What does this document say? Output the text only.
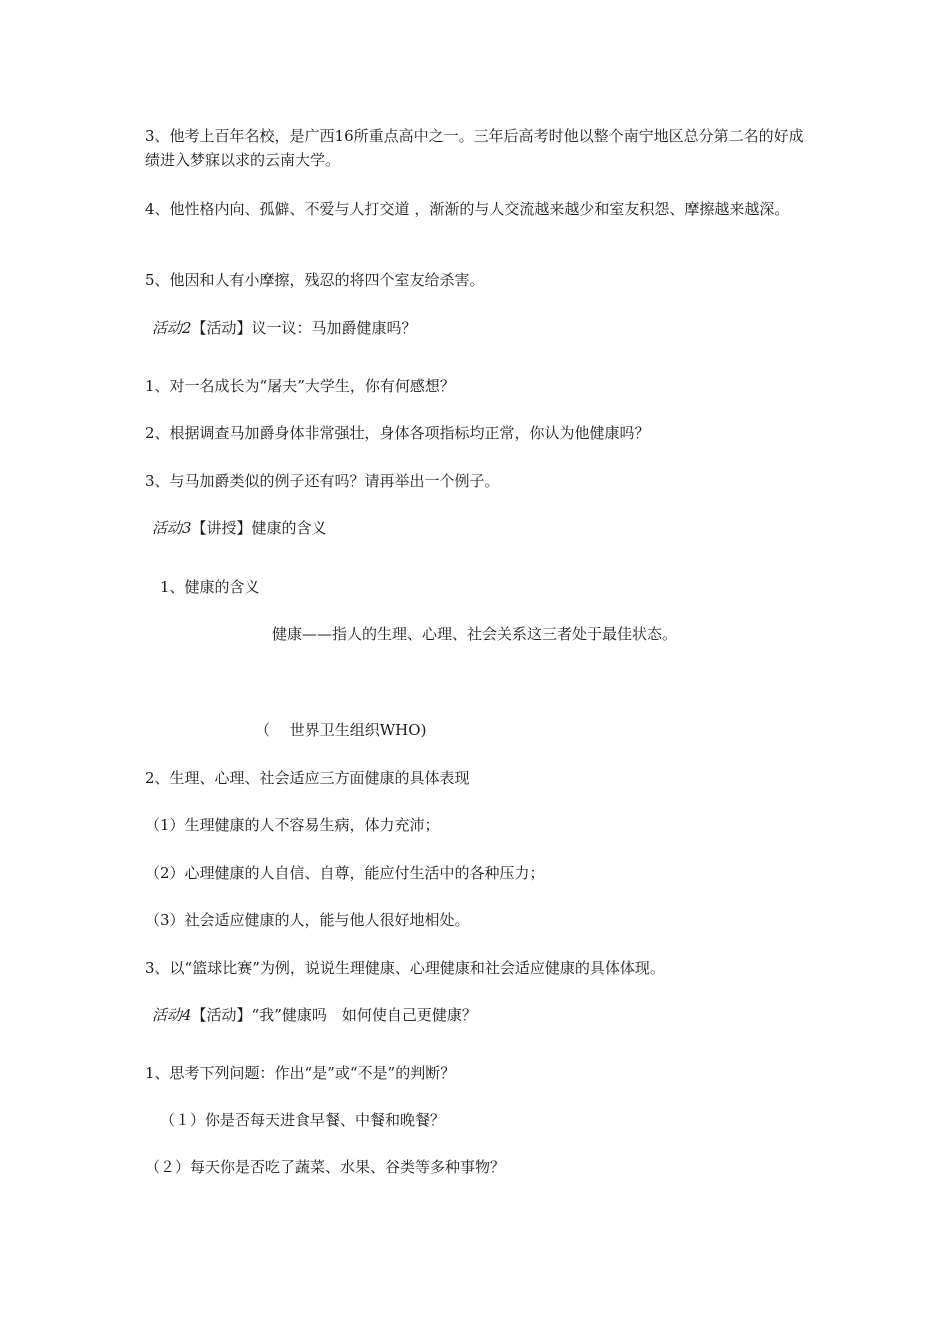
3、他考上百年名校，是广西16所重点高中之一。三年后高考时他以整个南宁地区总分第二名的好成绩进入梦寐以求的云南大学。
4、他性格内向、孤僻、不爱与人打交道 ，渐渐的与人交流越来越少和室友积怨、摩擦越来越深。
5、他因和人有小摩擦，残忍的将四个室友给杀害。
活动2【活动】议一议：马加爵健康吗？
1、对一名成长为“屠夫”大学生，你有何感想？
2、根据调查马加爵身体非常强壮，身体各项指标均正常，你认为他健康吗？
3、与马加爵类似的例子还有吗？请再举出一个例子。
活动3【讲授】健康的含义
1、健康的含义
健康——指人的生理、心理、社会关系这三者处于最佳状态。
（　 世界卫生组织WHO)
2、生理、心理、社会适应三方面健康的具体表现
（1）生理健康的人不容易生病，体力充沛；
（2）心理健康的人自信、自尊，能应付生活中的各种压力；
（3）社会适应健康的人，能与他人很好地相处。
3、以“篮球比赛”为例，说说生理健康、心理健康和社会适应健康的具体体现。
活动4【活动】“我”健康吗　如何使自己更健康？
1、思考下列问题：作出“是”或“不是”的判断？
（１）你是否每天进食早餐、中餐和晚餐？
（２）每天你是否吃了蔬菜、水果、谷类等多种事物？
